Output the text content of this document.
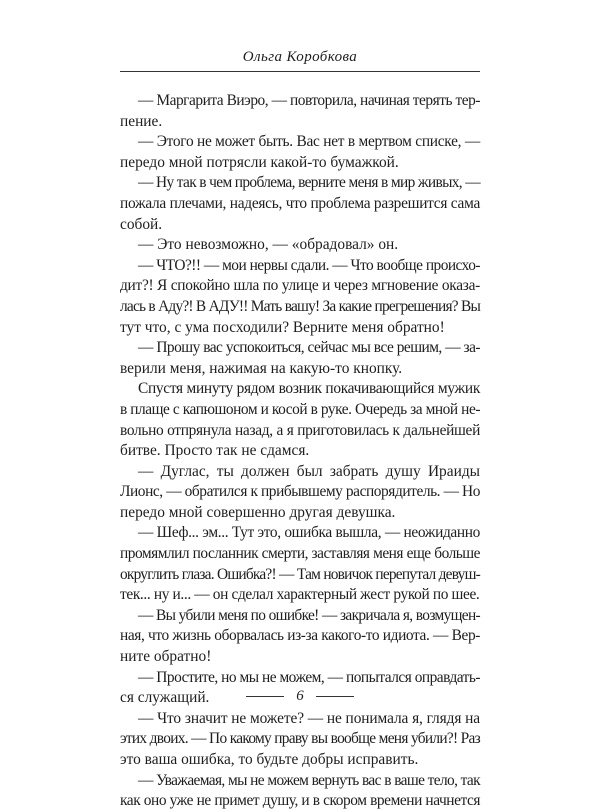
Ольга Коробкова
— Маргарита Виэро, — повторила, начиная терять тер-
пение.
— Этого не может быть. Вас нет в мертвом списке, —
передо мной потрясли какой-то бумажкой.
— Ну так в чем проблема, верните меня в мир живых, —
пожала плечами, надеясь, что проблема разрешится сама
собой.
— Это невозможно, — «обрадовал» он.
— ЧТО?!! — мои нервы сдали. — Что вообще происхо-
дит?! Я спокойно шла по улице и через мгновение оказа-
лась в Аду?! В АДУ!! Мать вашу! За какие прегрешения? Вы
тут что, с ума посходили? Верните меня обратно!
— Прошу вас успокоиться, сейчас мы все решим, — за-
верили меня, нажимая на какую-то кнопку.
Спустя минуту рядом возник покачивающийся мужик
в плаще с капюшоном и косой в руке. Очередь за мной не-
вольно отпрянула назад, а я приготовилась к дальнейшей
битве. Просто так не сдамся.
— Дуглас, ты должен был забрать душу Ираиды
Лионс, — обратился к прибывшему распорядитель. — Но
передо мной совершенно другая девушка.
— Шеф... эм... Тут это, ошибка вышла, — неожиданно
промямлил посланник смерти, заставляя меня еще больше
округлить глаза. Ошибка?! — Там новичок перепутал девуш-
тек... ну и... — он сделал характерный жест рукой по шее.
— Вы убили меня по ошибке! — закричала я, возмущен-
ная, что жизнь оборвалась из-за какого-то идиота. — Вер-
ните обратно!
— Простите, но мы не можем, — попытался оправдать-
ся служащий.
— Что значит не можете? — не понимала я, глядя на
этих двоих. — По какому праву вы вообще меня убили?! Раз
это ваша ошибка, то будьте добры исправить.
— Уважаемая, мы не можем вернуть вас в ваше тело, так
как оно уже не примет душу, и в скором времени начнется
6
